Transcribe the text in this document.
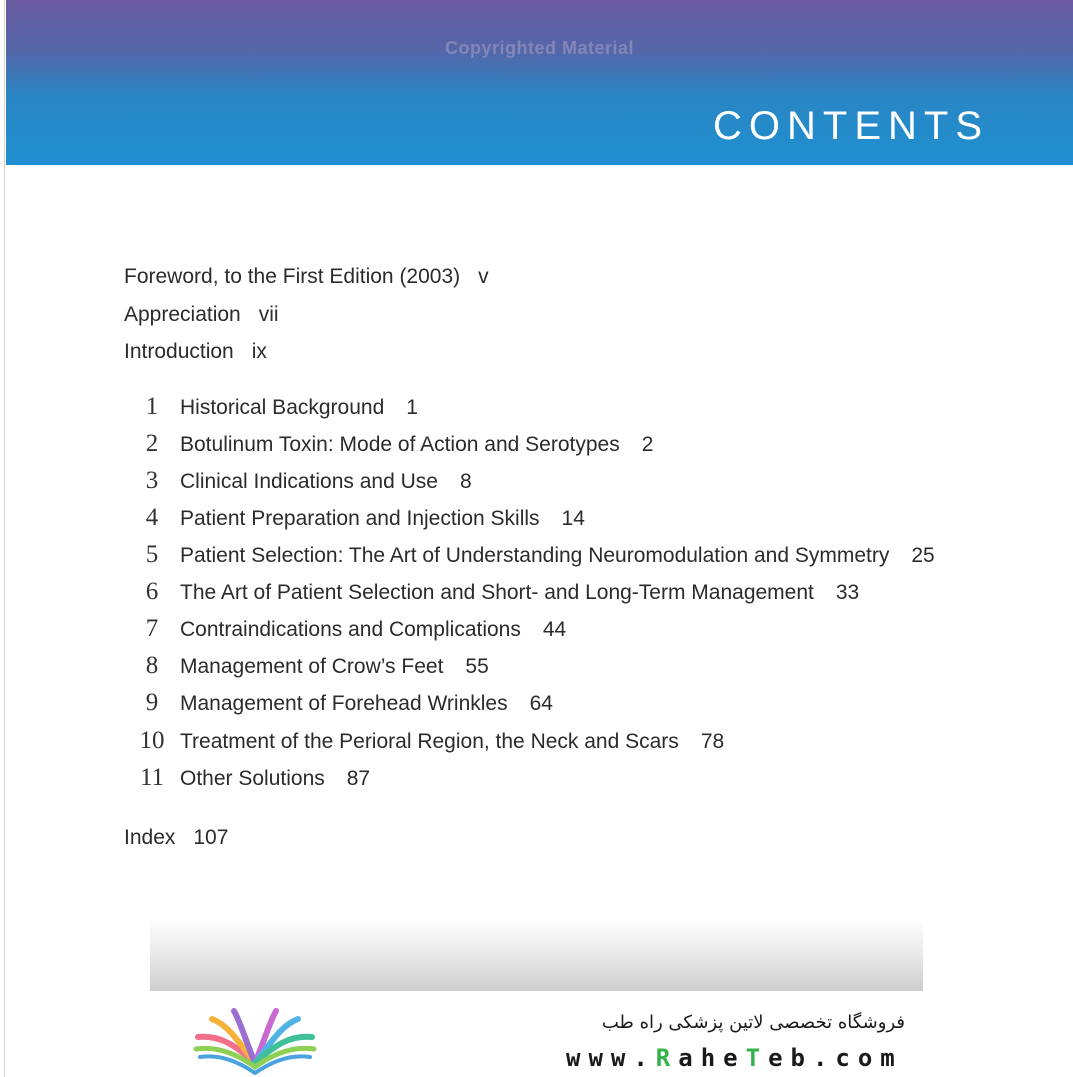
Copyrighted Material
CONTENTS
Foreword, to the First Edition (2003) v
Appreciation vii
Introduction ix
1	Historical Background 1
2	Botulinum Toxin: Mode of Action and Serotypes 2
3	Clinical Indications and Use 8
4	Patient Preparation and Injection Skills 14
5	Patient Selection: The Art of Understanding Neuromodulation and Symmetry 25
6	The Art of Patient Selection and Short- and Long-Term Management 33
7	Contraindications and Complications 44
8	Management of Crow’s Feet 55
9	Management of Forehead Wrinkles 64
10 Treatment of the Perioral Region, the Neck and Scars 78
11 Other Solutions 87
Index 107
فروشگاه تخصصی لاتین پزشکی راه طب
www.RaheTeb.com
